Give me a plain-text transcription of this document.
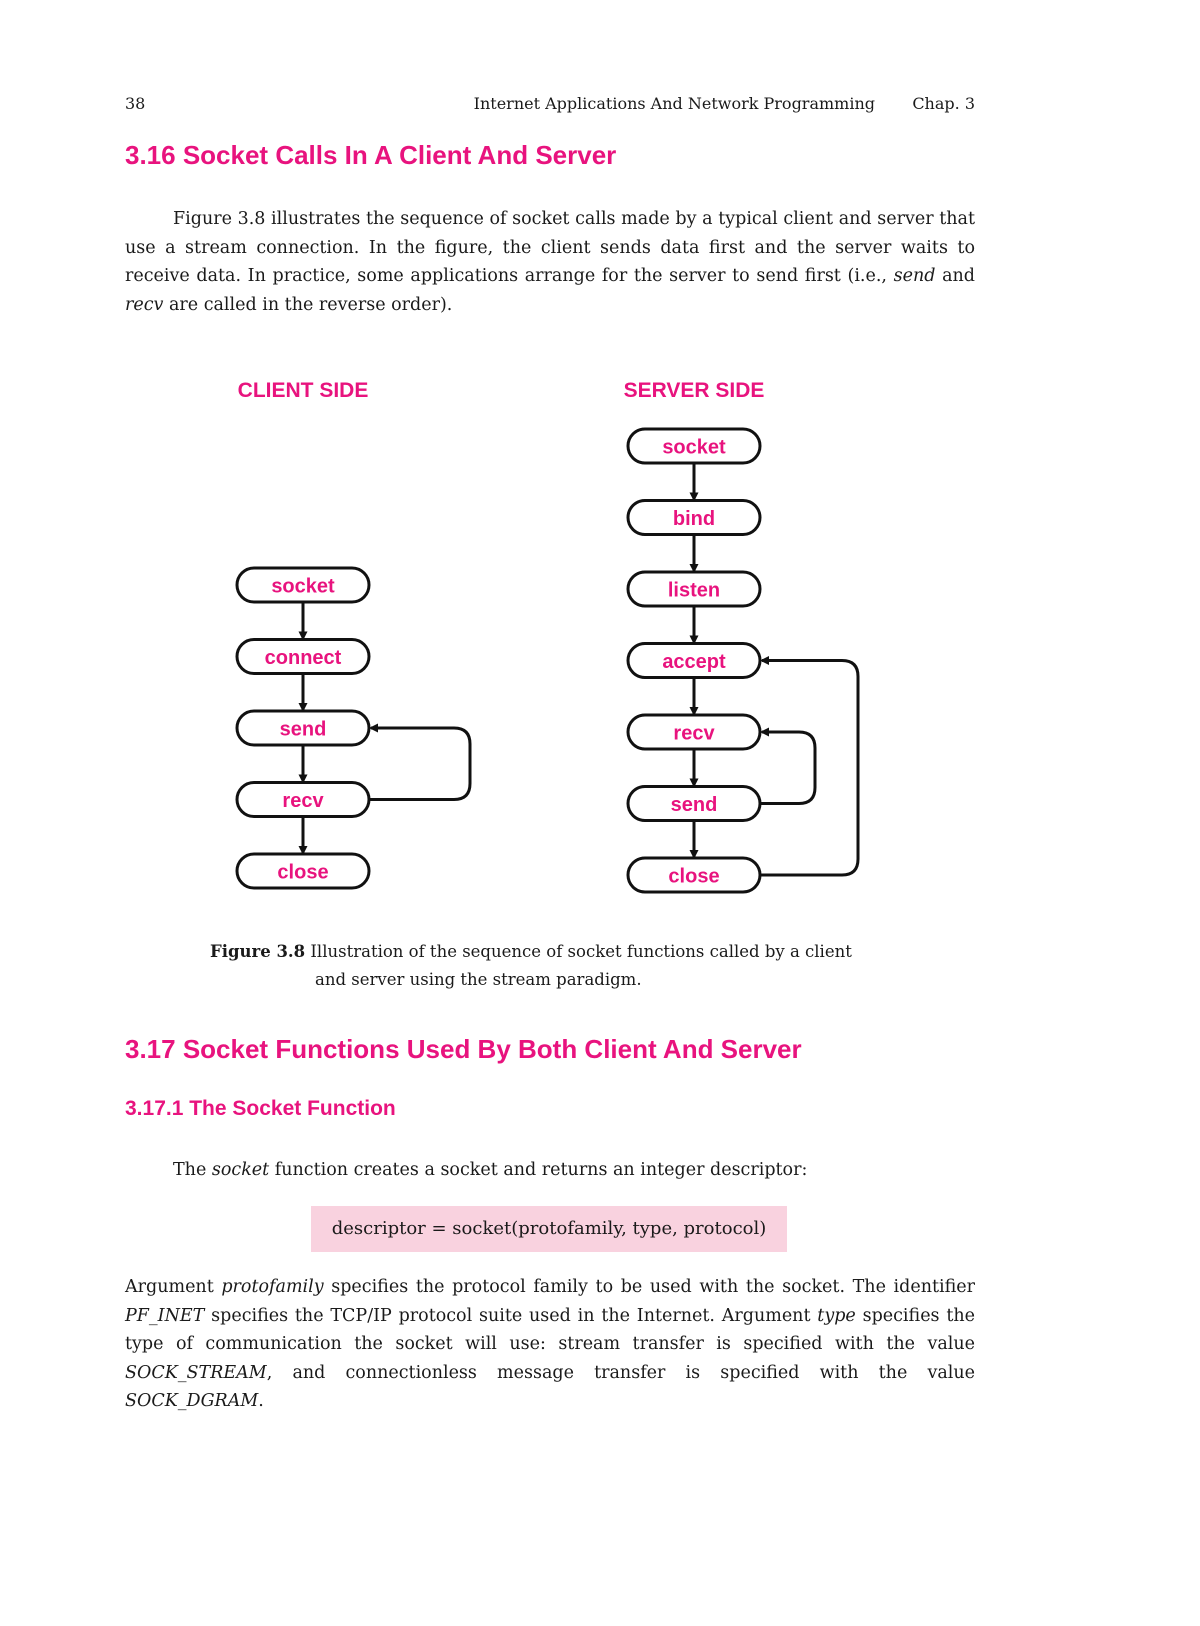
38	Internet Applications And Network Programming Chap. 3
3.16 Socket Calls In A Client And Server

Figure 3.8 illustrates the sequence of socket calls made by a typical client and server that use a stream connection. In the figure, the client sends data first and the server waits to receive data. In practice, some applications arrange for the server to send first (i.e., send and recv are called in the reverse order).

CLIENT SIDE	SERVER SIDE
socket
connect
send
recv
close
socket
bind
listen
accept
recv
send
close
Figure 3.8 Illustration of the sequence of socket functions called by a client
and server using the stream paradigm.
3.17 Socket Functions Used By Both Client And Server
3.17.1 The Socket Function

The socket function creates a socket and returns an integer descriptor:

descriptor = socket(protofamily, type, protocol)

Argument protofamily specifies the protocol family to be used with the socket. The identifier PF_INET specifies the TCP/IP protocol suite used in the Internet. Argument type specifies the type of communication the socket will use: stream transfer is specified with the value SOCK_STREAM, and connectionless message transfer is specified with the value SOCK_DGRAM.
